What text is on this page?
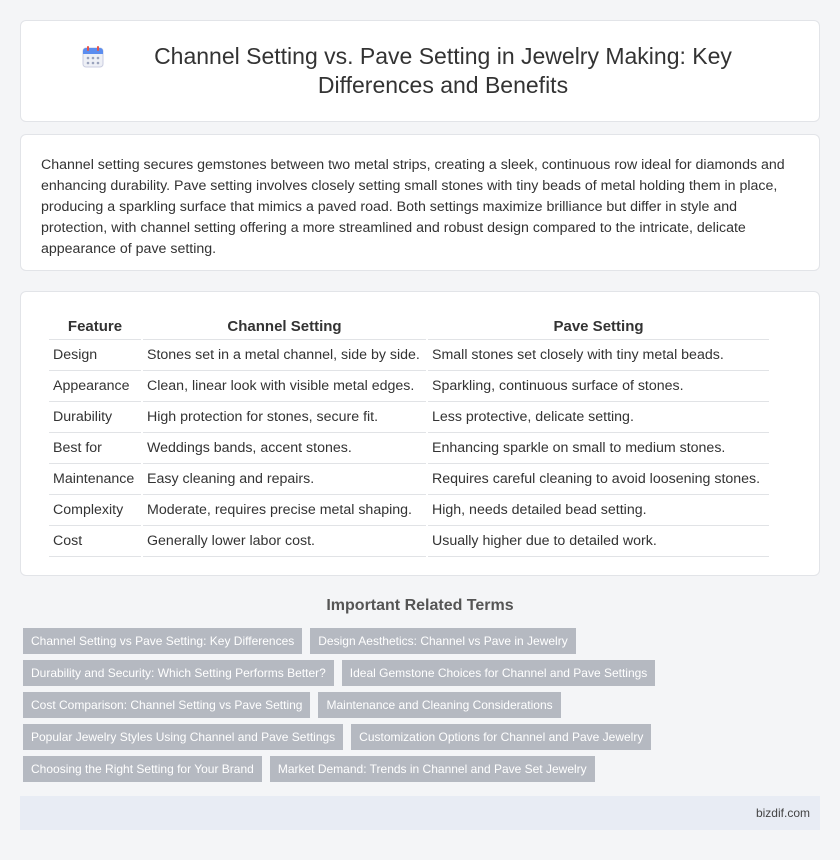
Channel Setting vs. Pave Setting in Jewelry Making: Key Differences and Benefits

Channel setting secures gemstones between two metal strips, creating a sleek, continuous row ideal for diamonds and enhancing durability. Pave setting involves closely setting small stones with tiny beads of metal holding them in place, producing a sparkling surface that mimics a paved road. Both settings maximize brilliance but differ in style and protection, with channel setting offering a more streamlined and robust design compared to the intricate, delicate appearance of pave setting.

Feature	Channel Setting	Pave Setting
Design	Stones set in a metal channel, side by side.	Small stones set closely with tiny metal beads.
Appearance	Clean, linear look with visible metal edges.	Sparkling, continuous surface of stones.
Durability	High protection for stones, secure fit.	Less protective, delicate setting.
Best for	Weddings bands, accent stones.	Enhancing sparkle on small to medium stones.
Maintenance	Easy cleaning and repairs.	Requires careful cleaning to avoid loosening stones.
Complexity	Moderate, requires precise metal shaping.	High, needs detailed bead setting.
Cost	Generally lower labor cost.	Usually higher due to detailed work.
Important Related Terms
Channel Setting vs Pave Setting: Key Differences	Design Aesthetics: Channel vs Pave in Jewelry
Durability and Security: Which Setting Performs Better?	Ideal Gemstone Choices for Channel and Pave Settings
Cost Comparison: Channel Setting vs Pave Setting	Maintenance and Cleaning Considerations
Popular Jewelry Styles Using Channel and Pave Settings	Customization Options for Channel and Pave Jewelry
Choosing the Right Setting for Your Brand	Market Demand: Trends in Channel and Pave Set Jewelry
bizdif.com
